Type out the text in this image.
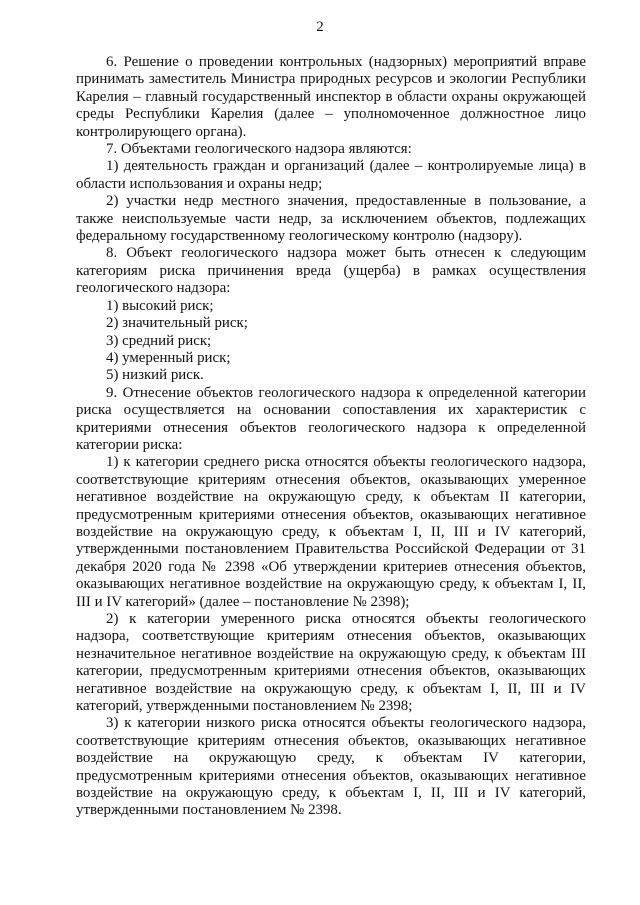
2

6. Решение о проведении контрольных (надзорных) мероприятий вправе принимать заместитель Министра природных ресурсов и экологии Республики Карелия – главный государственный инспектор в области охраны окружающей среды Республики Карелия (далее – уполномоченное должностное лицо контролирующего органа).

7. Объектами геологического надзора являются:

1) деятельность граждан и организаций (далее – контролируемые лица) в области использования и охраны недр;

2) участки недр местного значения, предоставленные в пользование, а также неиспользуемые части недр, за исключением объектов, подлежащих федеральному государственному геологическому контролю (надзору).

8. Объект геологического надзора может быть отнесен к следующим категориям риска причинения вреда (ущерба) в рамках осуществления геологического надзора:

1) высокий риск;

2) значительный риск;

3) средний риск;

4) умеренный риск;

5) низкий риск.

9. Отнесение объектов геологического надзора к определенной категории риска осуществляется на основании сопоставления их характеристик с критериями отнесения объектов геологического надзора к определенной категории риска:

1) к категории среднего риска относятся объекты геологического надзора, соответствующие критериям отнесения объектов, оказывающих умеренное негативное воздействие на окружающую среду, к объектам II категории, предусмотренным критериями отнесения объектов, оказывающих негативное воздействие на окружающую среду, к объектам I, II, III и IV категорий, утвержденными постановлением Правительства Российской Федерации от 31 декабря 2020 года № 2398 «Об утверждении критериев отнесения объектов, оказывающих негативное воздействие на окружающую среду, к объектам I, II, III и IV категорий» (далее – постановление № 2398);

2) к категории умеренного риска относятся объекты геологического надзора, соответствующие критериям отнесения объектов, оказывающих незначительное негативное воздействие на окружающую среду, к объектам III категории, предусмотренным критериями отнесения объектов, оказывающих негативное воздействие на окружающую среду, к объектам I, II, III и IV категорий, утвержденными постановлением № 2398;

3) к категории низкого риска относятся объекты геологического надзора, соответствующие критериям отнесения объектов, оказывающих негативное воздействие на окружающую среду, к объектам IV категории, предусмотренным критериями отнесения объектов, оказывающих негативное воздействие на окружающую среду, к объектам I, II, III и IV категорий, утвержденными постановлением № 2398.
